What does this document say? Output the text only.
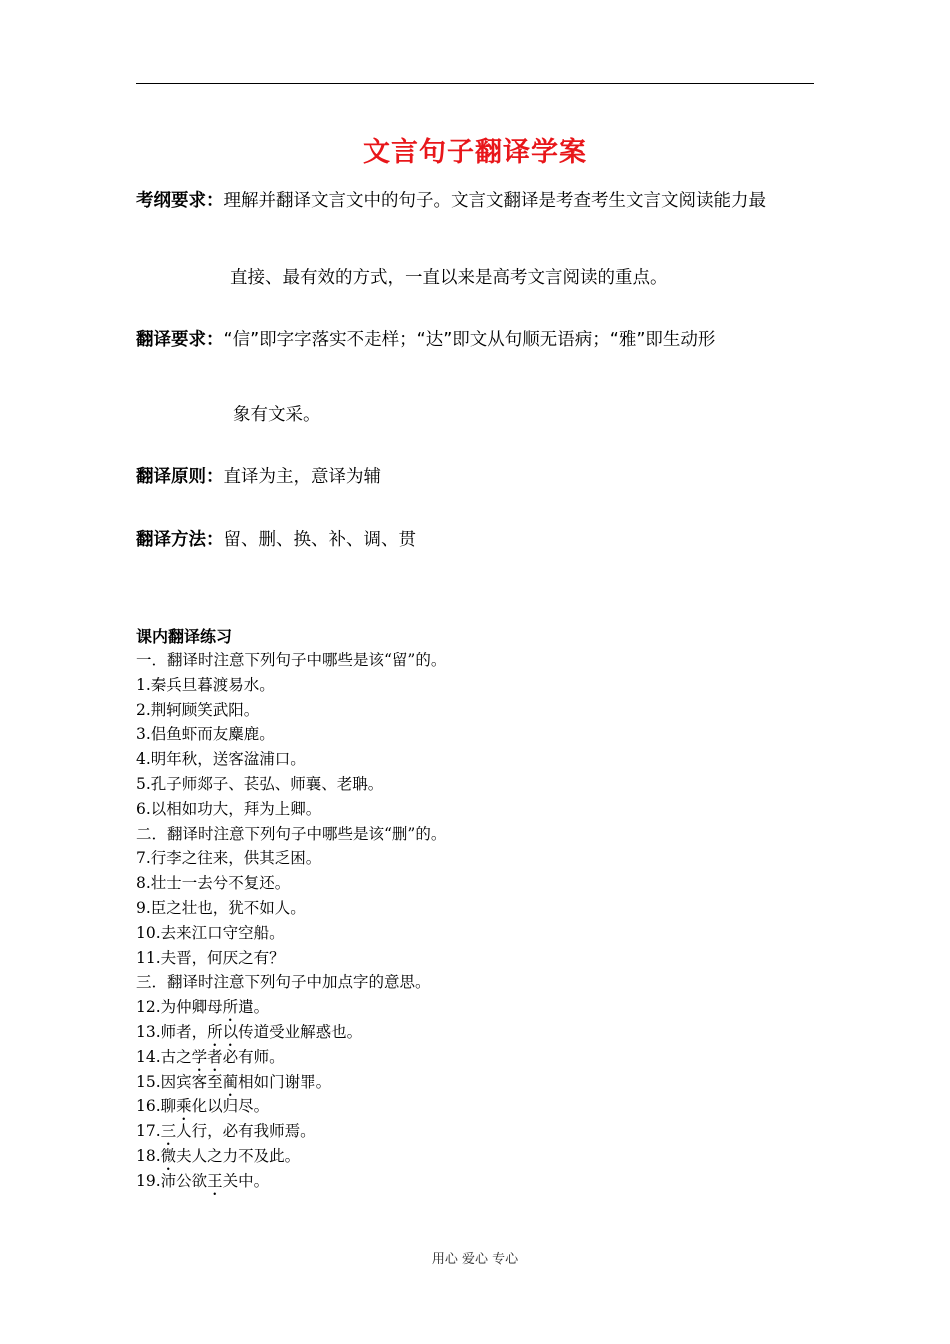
文言句子翻译学案
考纲要求：理解并翻译文言文中的句子。文言文翻译是考查考生文言文阅读能力最
直接、最有效的方式，一直以来是高考文言阅读的重点。
翻译要求：“信”即字字落实不走样；“达”即文从句顺无语病；“雅”即生动形
象有文采。
翻译原则：直译为主，意译为辅
翻译方法：留、删、换、补、调、贯
课内翻译练习
一．翻译时注意下列句子中哪些是该“留”的。
1.秦兵旦暮渡易水。
2.荆轲顾笑武阳。
3.侣鱼虾而友麋鹿。
4.明年秋，送客湓浦口。
5.孔子师郯子、苌弘、师襄、老聃。
6.以相如功大，拜为上卿。
二．翻译时注意下列句子中哪些是该“删”的。
7.行李之往来，供其乏困。
8.壮士一去兮不复还。
9.臣之壮也，犹不如人。
10.去来江口守空船。
11.夫晋，何厌之有？
三．翻译时注意下列句子中加点字的意思。
12.为仲卿母所遣。
13.师者，所以传道受业解惑也。
14.古之学者必有师。
15.因宾客至蔺相如门谢罪。
16.聊乘化以归尽。
17.三人行，必有我师焉。
18.微夫人之力不及此。
19.沛公欲王关中。
用心 爱心 专心
